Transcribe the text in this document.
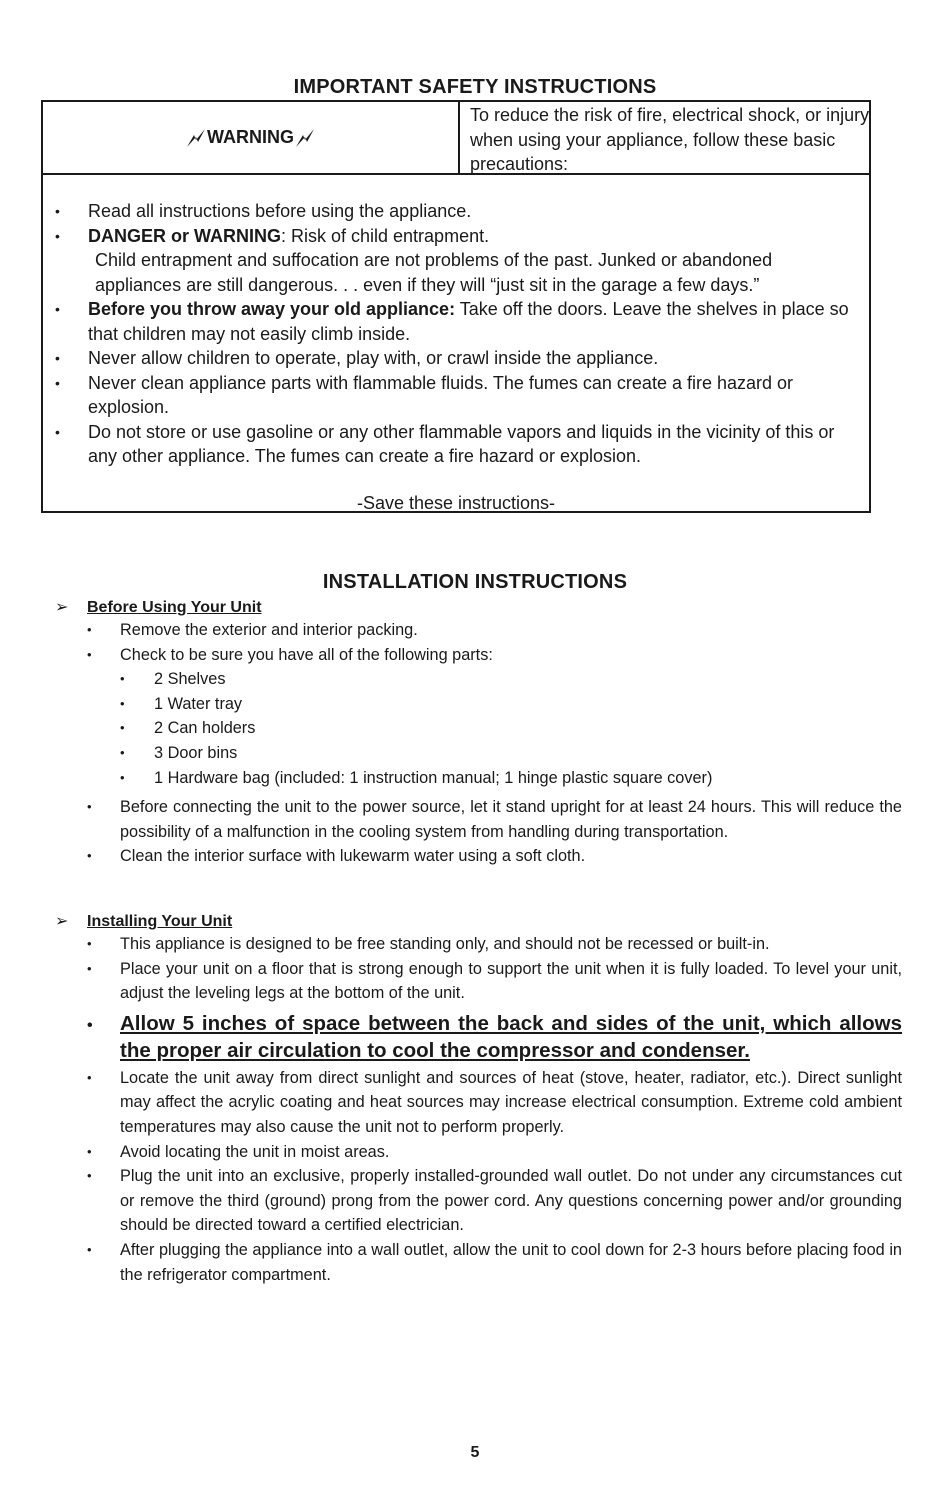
IMPORTANT SAFETY INSTRUCTIONS
WARNING
To reduce the risk of fire, electrical shock, or injury when using your appliance, follow these basic precautions:
• Read all instructions before using the appliance.
• DANGER or WARNING: Risk of child entrapment.
Child entrapment and suffocation are not problems of the past. Junked or abandoned appliances are still dangerous. . . even if they will “just sit in the garage a few days.”
• Before you throw away your old appliance: Take off the doors. Leave the shelves in place so that children may not easily climb inside.
• Never allow children to operate, play with, or crawl inside the appliance.
• Never clean appliance parts with flammable fluids. The fumes can create a fire hazard or explosion.
• Do not store or use gasoline or any other flammable vapors and liquids in the vicinity of this or any other appliance. The fumes can create a fire hazard or explosion.
-Save these instructions-
INSTALLATION INSTRUCTIONS
➢ Before Using Your Unit
• Remove the exterior and interior packing.
• Check to be sure you have all of the following parts:
• 2 Shelves
• 1 Water tray
• 2 Can holders
• 3 Door bins
• 1 Hardware bag (included: 1 instruction manual; 1 hinge plastic square cover)
• Before connecting the unit to the power source, let it stand upright for at least 24 hours. This will reduce the possibility of a malfunction in the cooling system from handling during transportation.
• Clean the interior surface with lukewarm water using a soft cloth.
➢ Installing Your Unit
• This appliance is designed to be free standing only, and should not be recessed or built-in.
• Place your unit on a floor that is strong enough to support the unit when it is fully loaded. To level your unit, adjust the leveling legs at the bottom of the unit.
• Allow 5 inches of space between the back and sides of the unit, which allows the proper air circulation to cool the compressor and condenser.
• Locate the unit away from direct sunlight and sources of heat (stove, heater, radiator, etc.). Direct sunlight may affect the acrylic coating and heat sources may increase electrical consumption. Extreme cold ambient temperatures may also cause the unit not to perform properly.
• Avoid locating the unit in moist areas.
• Plug the unit into an exclusive, properly installed-grounded wall outlet. Do not under any circumstances cut or remove the third (ground) prong from the power cord. Any questions concerning power and/or grounding should be directed toward a certified electrician.
• After plugging the appliance into a wall outlet, allow the unit to cool down for 2-3 hours before placing food in the refrigerator compartment.
5
